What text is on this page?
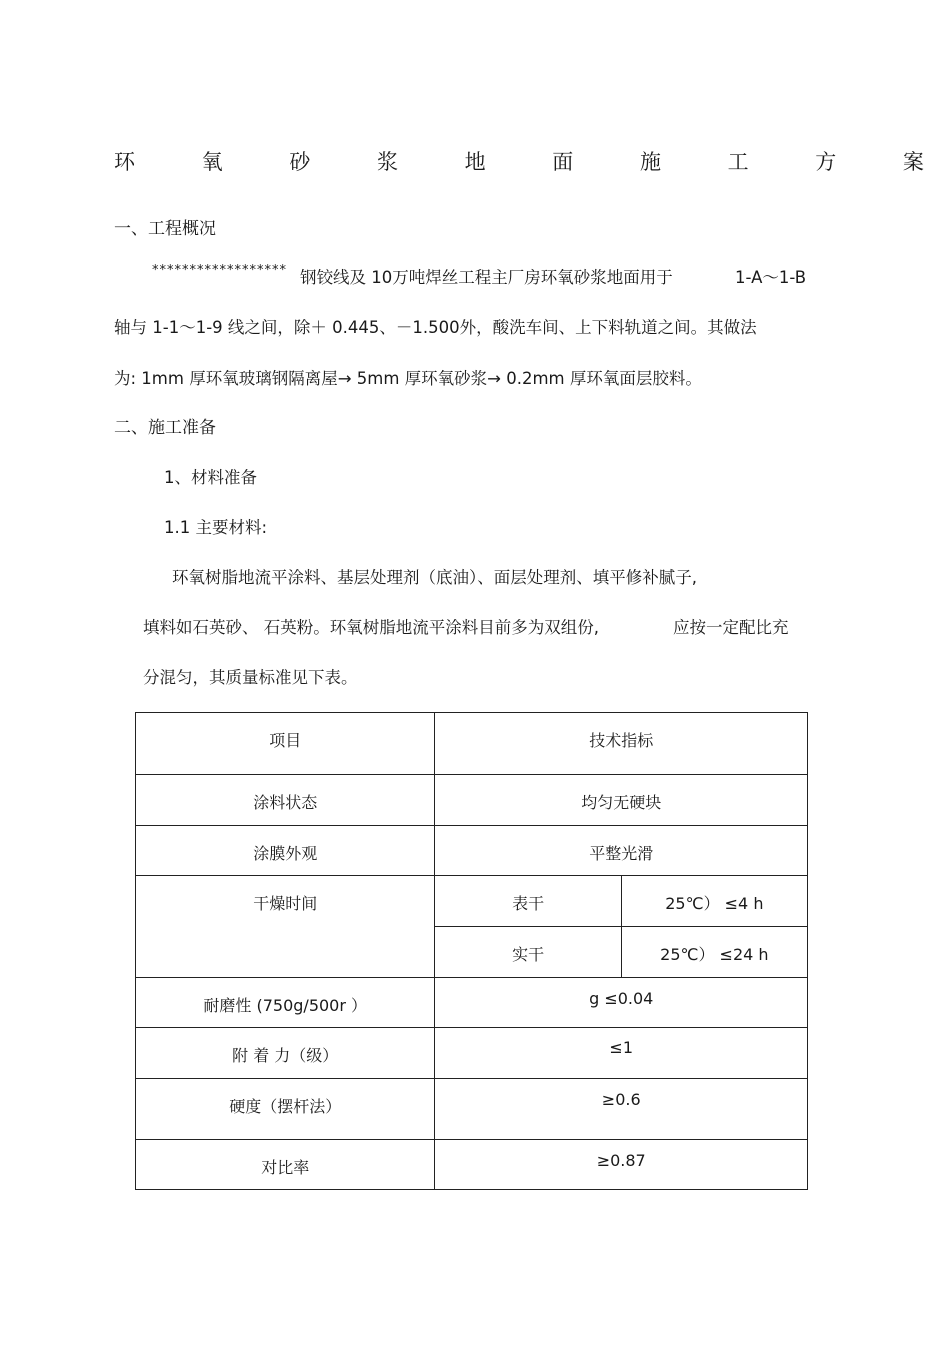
环	氧	砂	浆	地	面	施	工	方	案
一、工程概况
****************** 钢铰线及 10万吨焊丝工程主厂房环氧砂浆地面用于	1-A～1-B
轴与 1-1～1-9 线之间，除＋ 0.445、－1.500外，酸洗车间、上下料轨道之间。其做法
为: 1mm 厚环氧玻璃钢隔离屋→ 5mm 厚环氧砂浆→ 0.2mm 厚环氧面层胶料。
二、施工准备
1、材料准备
1.1 主要材料:
环氧树脂地流平涂料、基层处理剂（底油）、面层处理剂、填平修补腻子,
填料如石英砂、 石英粉。环氧树脂地流平涂料目前多为双组份,	应按一定配比充
分混匀，其质量标准见下表。
项目	技术指标	

涂料状态	均匀无硬块	

涂膜外观	平整光滑	

干燥时间	表干	25℃） ≤4 h

	实干	25℃） ≤24 h

耐磨性 (750g/500r ）	g ≤0.04	

附 着 力（级）	≤1	

硬度（摆杆法）	≥0.6	

对比率	≥0.87	
